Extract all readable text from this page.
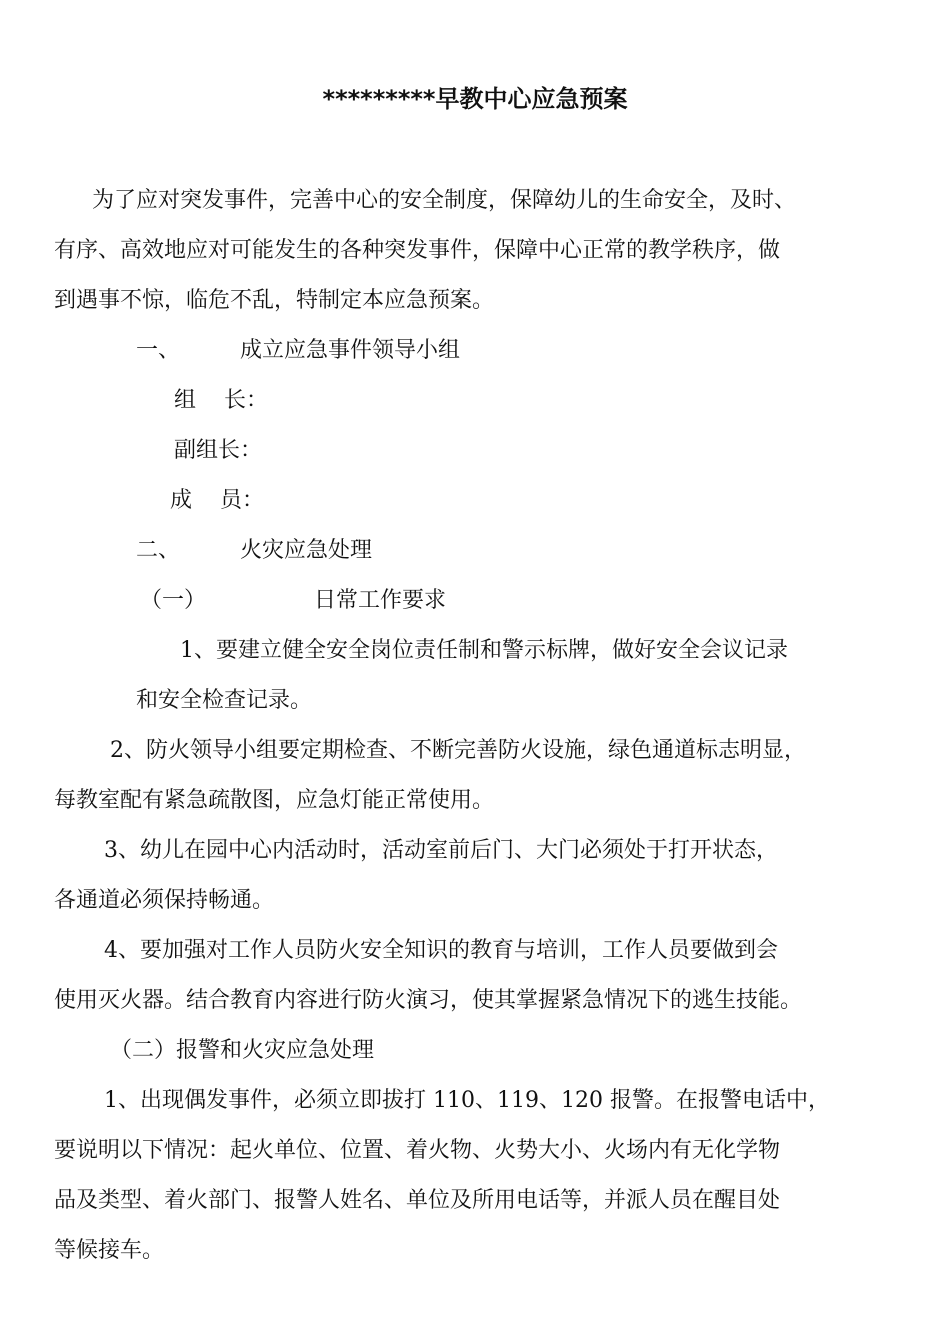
*********早教中心应急预案
为了应对突发事件，完善中心的安全制度，保障幼儿的生命安全，及时、
有序、高效地应对可能发生的各种突发事件，保障中心正常的教学秩序，做
到遇事不惊，临危不乱，特制定本应急预案。
一、	成立应急事件领导小组
组 长：
副组长：
成 员：
二、	火灾应急处理
（一）	日常工作要求
1、要建立健全安全岗位责任制和警示标牌，做好安全会议记录
和安全检查记录。
2、防火领导小组要定期检查、不断完善防火设施，绿色通道标志明显，
每教室配有紧急疏散图，应急灯能正常使用。
3、幼儿在园中心内活动时，活动室前后门、大门必须处于打开状态，
各通道必须保持畅通。
4、要加强对工作人员防火安全知识的教育与培训，工作人员要做到会
使用灭火器。结合教育内容进行防火演习，使其掌握紧急情况下的逃生技能。
（二）报警和火灾应急处理
1、出现偶发事件，必须立即拔打 110、119、120 报警。在报警电话中，
要说明以下情况：起火单位、位置、着火物、火势大小、火场内有无化学物
品及类型、着火部门、报警人姓名、单位及所用电话等，并派人员在醒目处
等候接车。
